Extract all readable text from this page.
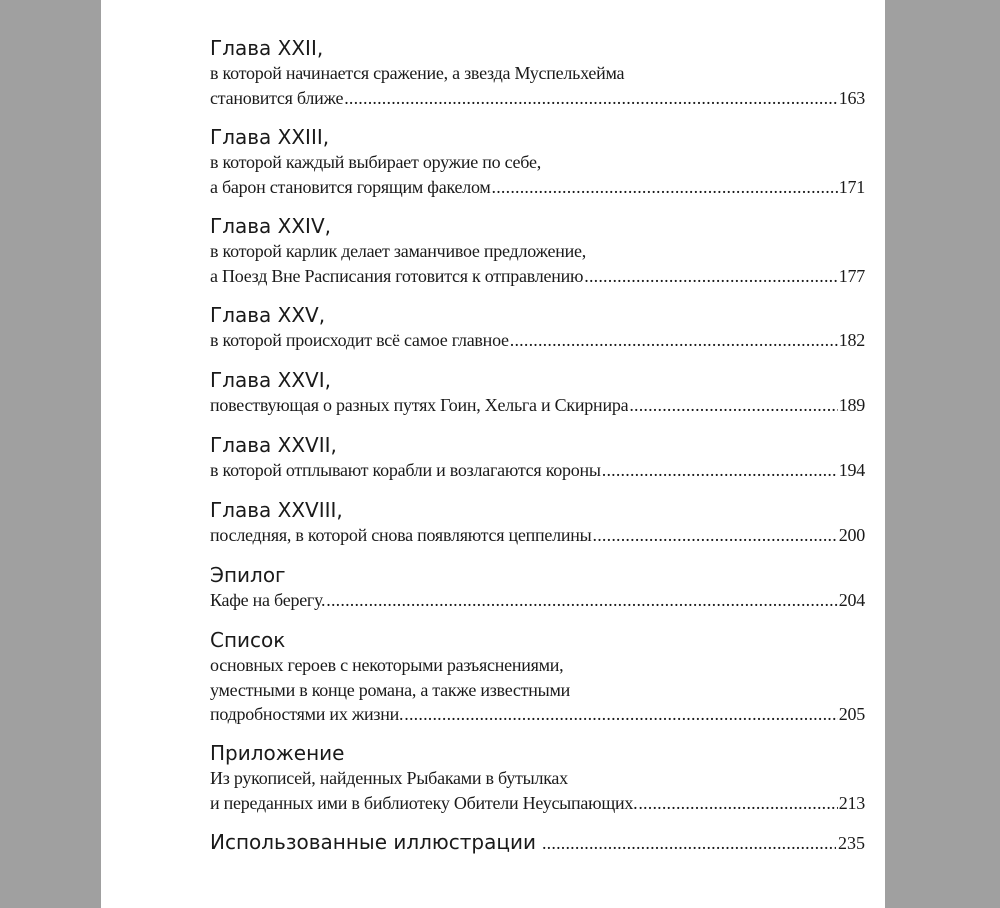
Глава XXII,
в которой начинается сражение, а звезда Муспельхейма
становится ближе .....	163
Глава XXIII,
в которой каждый выбирает оружие по себе,
а барон становится горящим факелом .....	171
Глава XXIV,
в которой карлик делает заманчивое предложение,
а Поезд Вне Расписания готовится к отправлению .....	177
Глава XXV,
в которой происходит всё самое главное .....	182
Глава XXVI,
повествующая о разных путях Гоин, Хельга и Скирнира .....	189
Глава XXVII,
в которой отплывают корабли и возлагаются короны .....	194
Глава XXVIII,
последняя, в которой снова появляются цеппелины .....	200
Эпилог
Кафе на берегу. .....	204
Список
основных героев с некоторыми разъяснениями,
уместными в конце романа, а также известными
подробностями их жизни. .....	205
Приложение
Из рукописей, найденных Рыбаками в бутылках
и переданных ими в библиотеку Обители Неусыпающих. .....	213
Использованные иллюстрации .....	235
